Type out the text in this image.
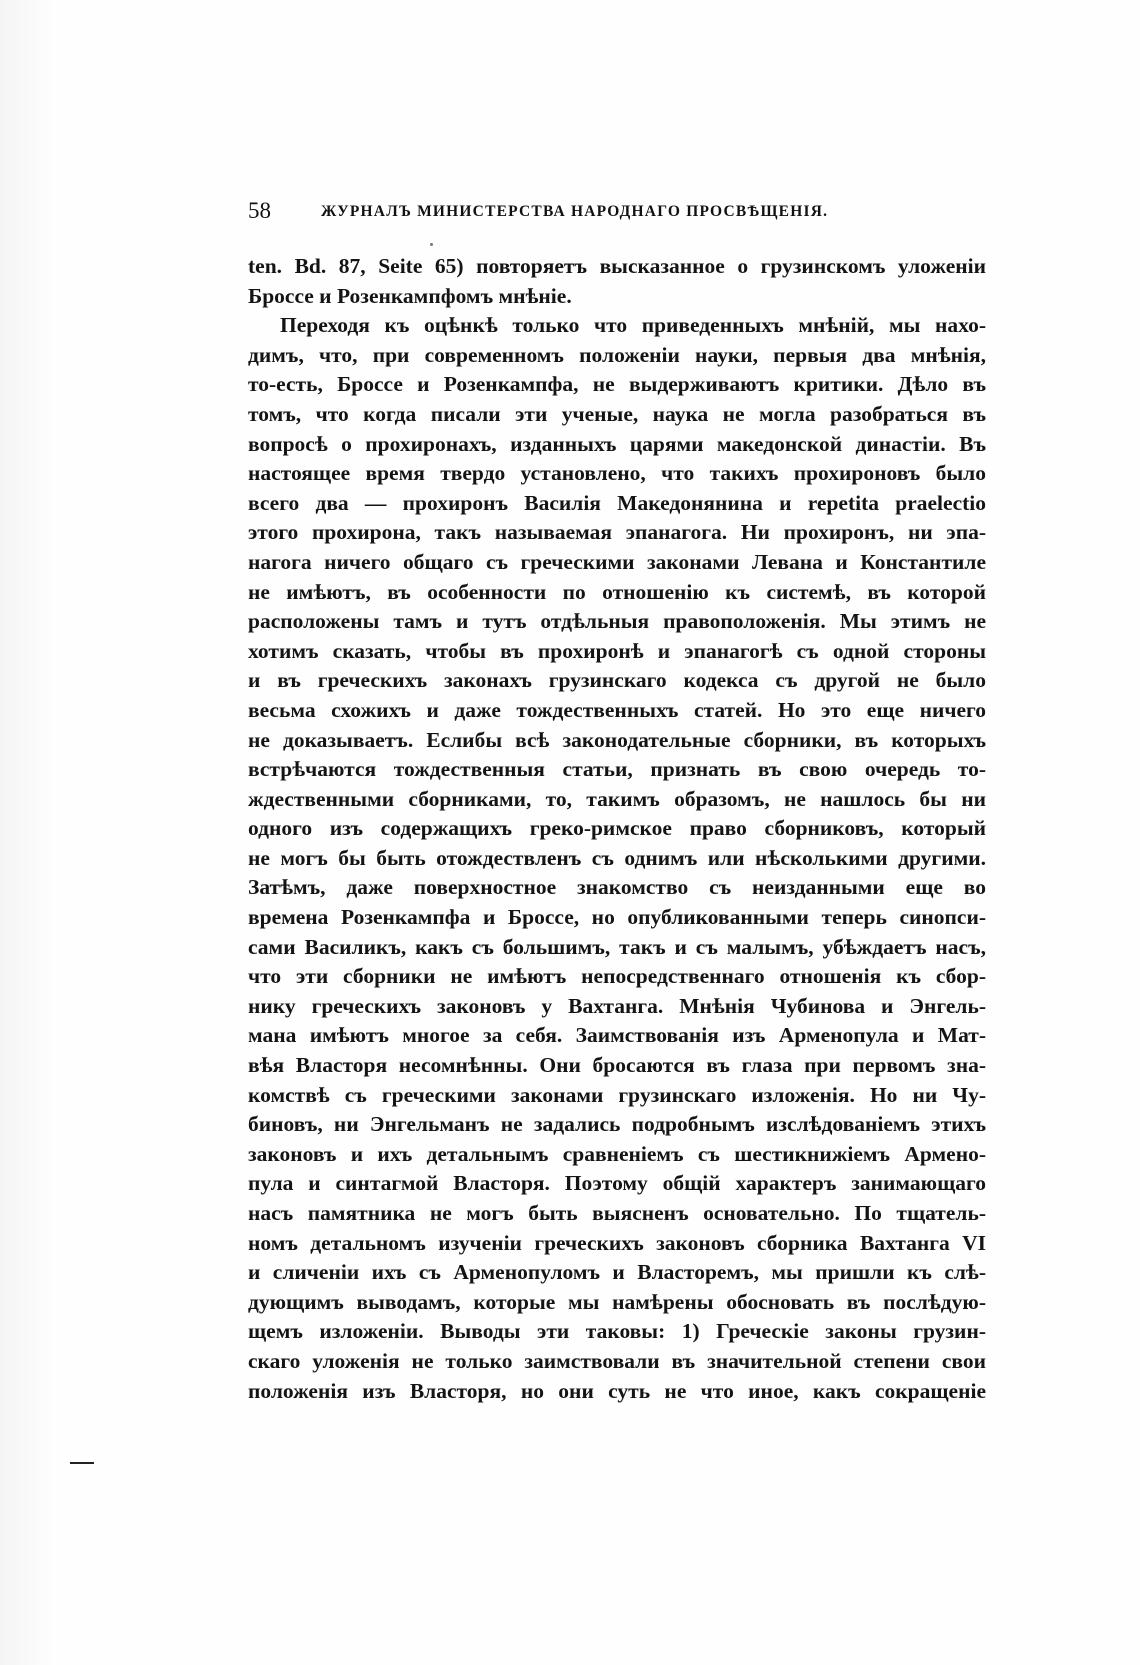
58	ЖУРНАЛЪ МИНИСТЕРСТВА НАРОДНАГО ПРОСВѢЩЕНІЯ.
ten. Bd. 87, Seite 65) повторяетъ высказанное о грузинскомъ уложеніи
Броссе и Розенкампфомъ мнѣніе.
Переходя къ оцѣнкѣ только что приведенныхъ мнѣній, мы нахо-
димъ, что, при современномъ положеніи науки, первыя два мнѣнія,
то-есть, Броссе и Розенкампфа, не выдерживаютъ критики. Дѣло въ
томъ, что когда писали эти ученые, наука не могла разобраться въ
вопросѣ о прохиронахъ, изданныхъ царями македонской династіи. Въ
настоящее время твердо установлено, что такихъ прохироновъ было
всего два — прохиронъ Василія Македонянина и repetita praelectio
этого прохирона, такъ называемая эпанагога. Ни прохиронъ, ни эпа-
нагога ничего общаго съ греческими законами Левана и Константиле
не имѣютъ, въ особенности по отношенію къ системѣ, въ которой
расположены тамъ и тутъ отдѣльныя правоположенія. Мы этимъ не
хотимъ сказать, чтобы въ прохиронѣ и эпанагогѣ съ одной стороны
и въ греческихъ законахъ грузинскаго кодекса съ другой не было
весьма схожихъ и даже тождественныхъ статей. Но это еще ничего
не доказываетъ. Еслибы всѣ законодательные сборники, въ которыхъ
встрѣчаются тождественныя статьи, признать въ свою очередь то-
ждественными сборниками, то, такимъ образомъ, не нашлось бы ни
одного изъ содержащихъ греко-римское право сборниковъ, который
не могъ бы быть отождествленъ съ однимъ или нѣсколькими другими.
Затѣмъ, даже поверхностное знакомство съ неизданными еще во
времена Розенкампфа и Броссе, но опубликованными теперь синопси-
сами Василикъ, какъ съ большимъ, такъ и съ малымъ, убѣждаетъ насъ,
что эти сборники не имѣютъ непосредственнаго отношенія къ сбор-
нику греческихъ законовъ у Вахтанга. Мнѣнія Чубинова и Энгель-
мана имѣютъ многое за себя. Заимствованія изъ Арменопула и Мат-
вѣя Власторя несомнѣнны. Они бросаются въ глаза при первомъ зна-
комствѣ съ греческими законами грузинскаго изложенія. Но ни Чу-
биновъ, ни Энгельманъ не задались подробнымъ изслѣдованіемъ этихъ
законовъ и ихъ детальнымъ сравненіемъ съ шестикнижіемъ Армено-
пула и синтагмой Власторя. Поэтому общій характеръ занимающаго
насъ памятника не могъ быть выясненъ основательно. По тщатель-
номъ детальномъ изученіи греческихъ законовъ сборника Вахтанга VI
и сличеніи ихъ съ Арменопуломъ и Власторемъ, мы пришли къ слѣ-
дующимъ выводамъ, которые мы намѣрены обосновать въ послѣдую-
щемъ изложеніи. Выводы эти таковы: 1) Греческіе законы грузин-
скаго уложенія не только заимствовали въ значительной степени свои
положенія изъ Власторя, но они суть не что иное, какъ сокращеніе
